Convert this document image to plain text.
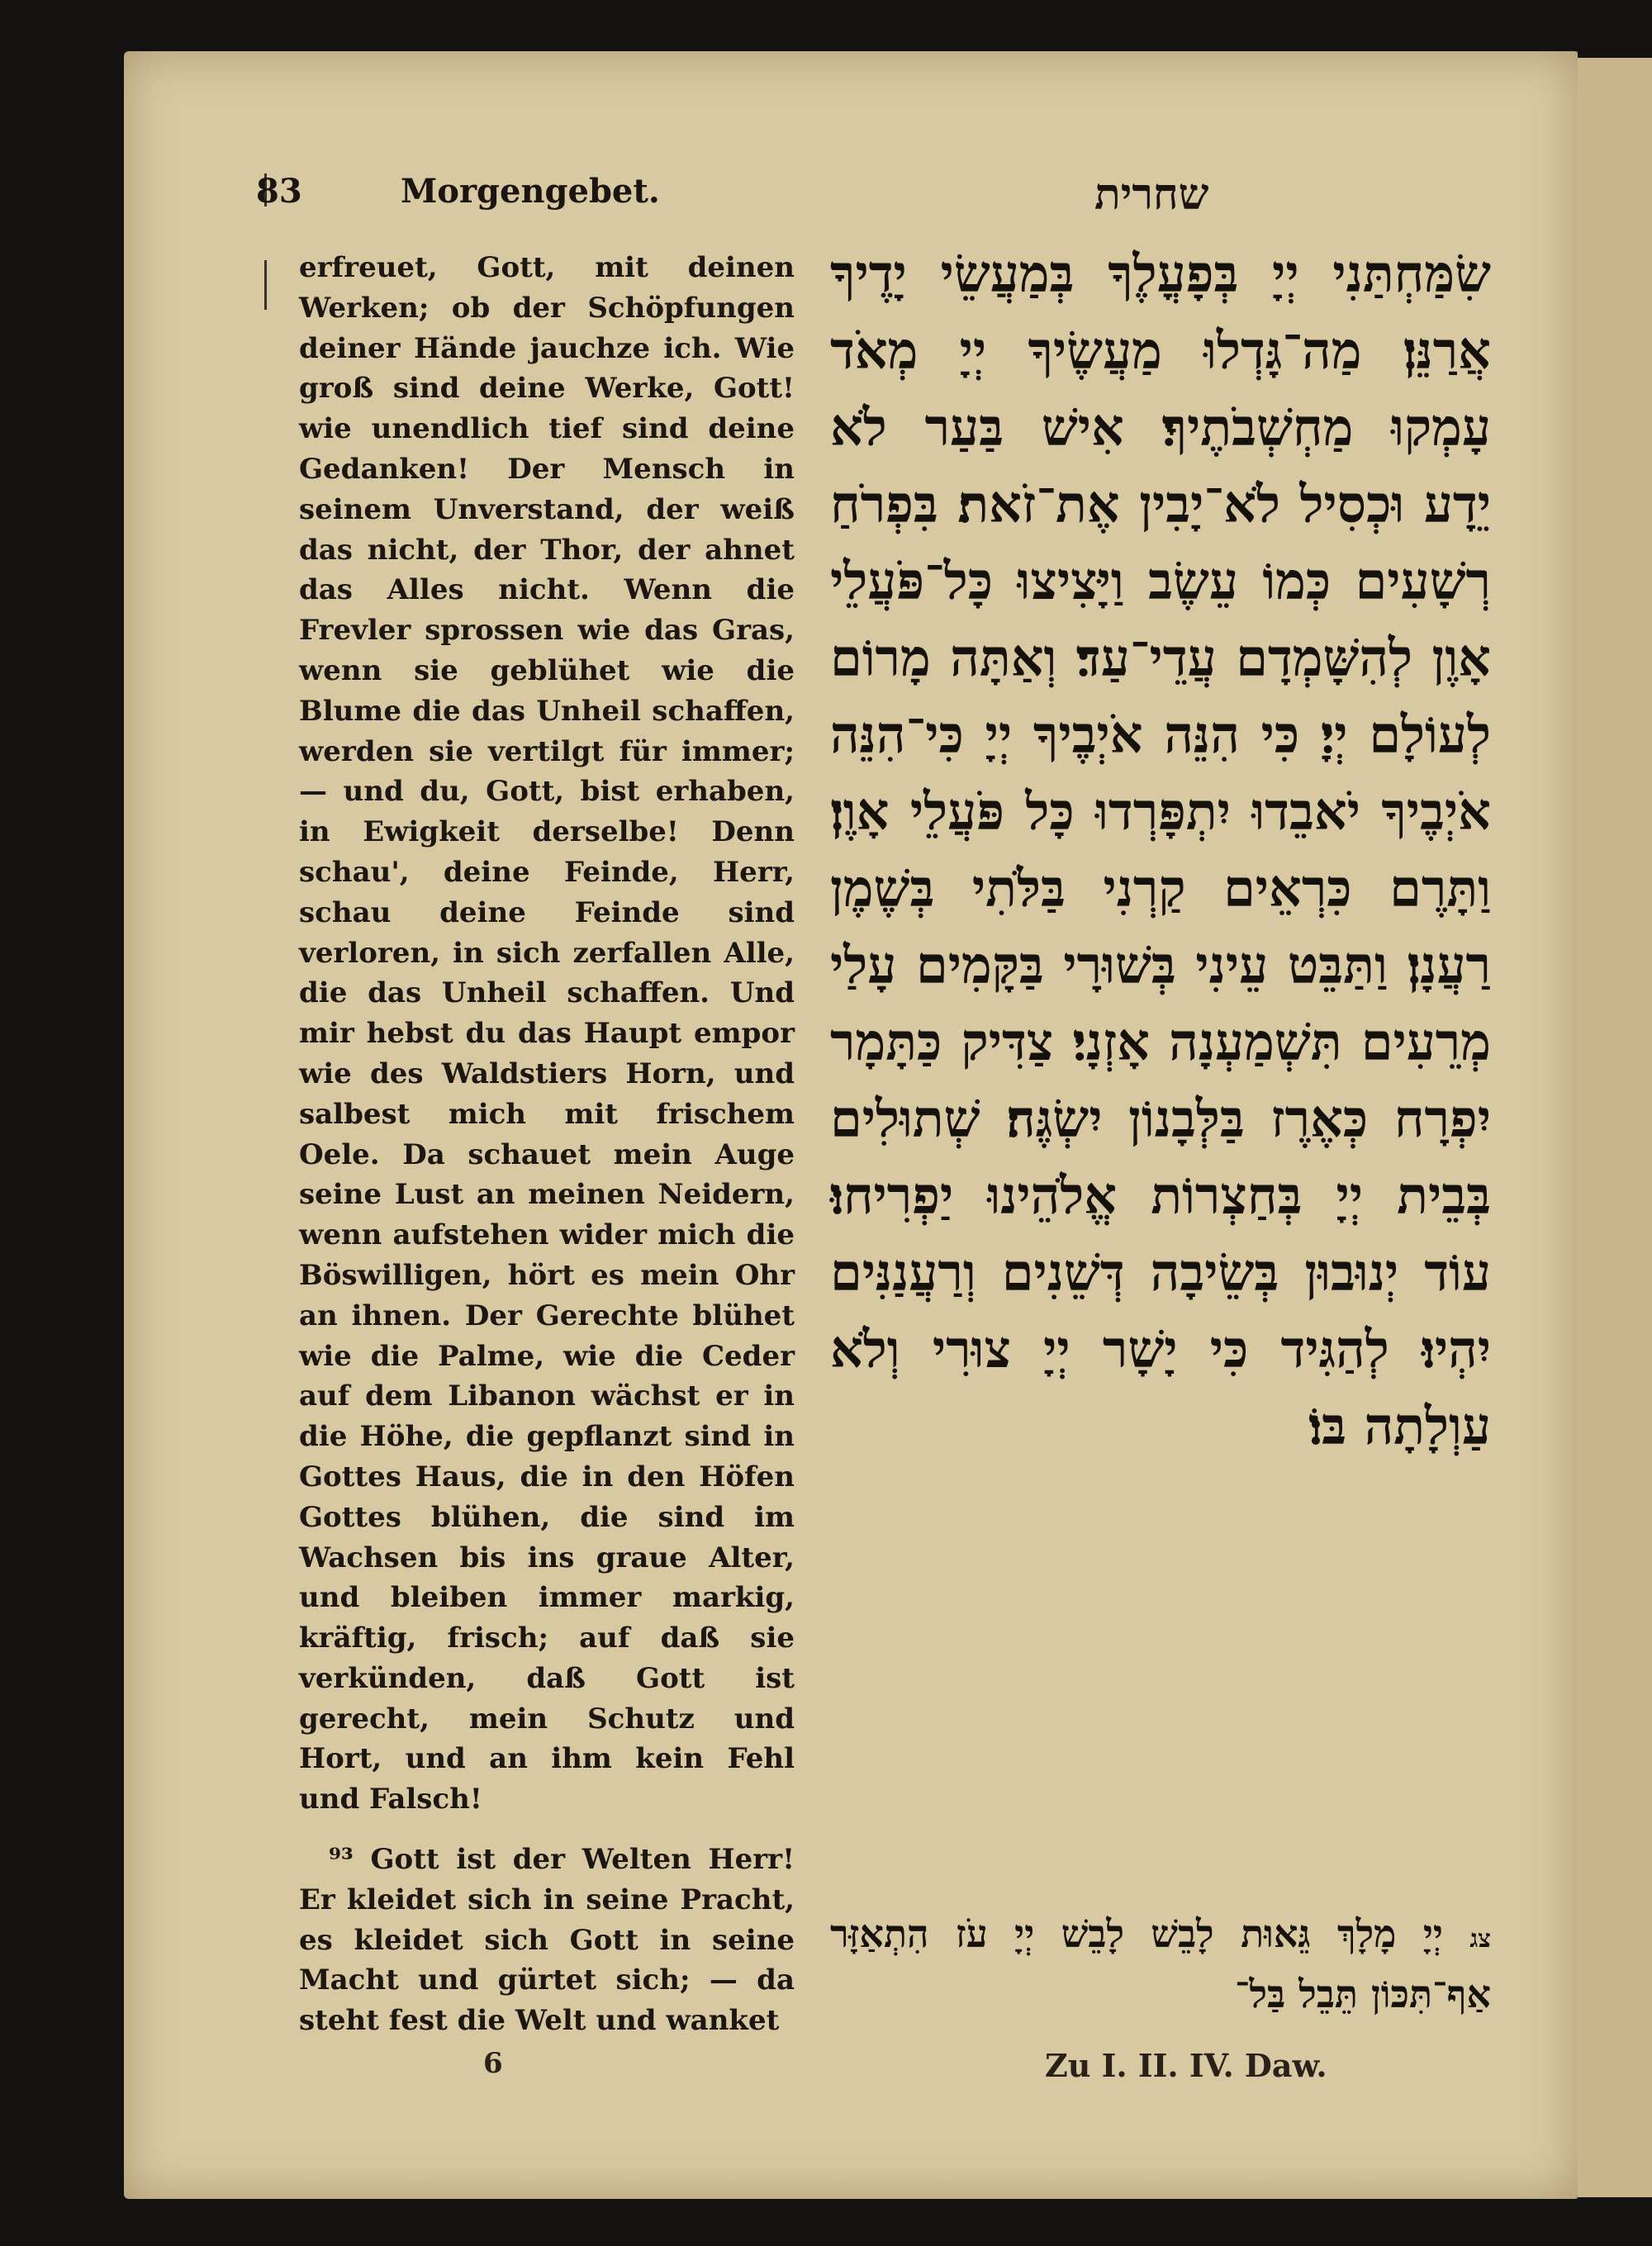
83	Morgengebet.	שחרית

erfreuet, Gott, mit deinen Werken; ob der Schöpfungen deiner Hände jauchze ich. Wie groß sind deine Werke, Gott! wie unendlich tief sind deine Gedanken! Der Mensch in seinem Unverstand, der weiß das nicht, der Thor, der ahnet das Alles nicht. Wenn die Frevler sprossen wie das Gras, wenn sie geblühet wie die Blume die das Unheil schaffen, werden sie vertilgt für immer; — und du, Gott, bist erhaben, in Ewigkeit derselbe! Denn schau', deine Feinde, Herr, schau deine Feinde sind verloren, in sich zerfallen Alle, die das Unheil schaffen. Und mir hebst du das Haupt empor wie des Waldstiers Horn, und salbest mich mit frischem Oele. Da schauet mein Auge seine Lust an meinen Neidern, wenn aufstehen wider mich die Böswilligen, hört es mein Ohr an ihnen. Der Gerechte blühet wie die Palme, wie die Ceder auf dem Libanon wächst er in die Höhe, die gepflanzt sind in Gottes Haus, die in den Höfen Gottes blühen, die sind im Wachsen bis ins graue Alter, und bleiben immer markig, kräftig, frisch; auf daß sie verkünden, daß Gott ist gerecht, mein Schutz und Hort, und an ihm kein Fehl und Falsch!

⁹³ Gott ist der Welten Herr! Er kleidet sich in seine Pracht, es kleidet sich Gott in seine Macht und gürtet sich; — da steht fest die Welt und wanket

שִׂמַּחְתַּנִי יְיָ בְּפָעֳלֶךָ בְּמַעֲשֵׂי יָדֶיךָ אֲרַנֵּן׃ מַה־גָּדְלוּ מַעֲשֶׂיךָ יְיָ מְאֹד עָמְקוּ מַחְשְׁבֹתֶיךָ׃ אִישׁ בַּעַר לֹא יֵדָע וּכְסִיל לֹא־יָבִין אֶת־זֹאת׃ בִּפְרֹחַ רְשָׁעִים כְּמוֹ עֵשֶׂב וַיָּצִיצוּ כָּל־פֹּעֲלֵי אָוֶן לְהִשָּׁמְדָם עֲדֵי־עַד׃ וְאַתָּה מָרוֹם לְעוֹלָם יְיָ׃ כִּי הִנֵּה אֹיְבֶיךָ יְיָ כִּי־הִנֵּה אֹיְבֶיךָ יֹאבֵדוּ יִתְפָּרְדוּ כָּל פֹּעֲלֵי אָוֶן׃ וַתָּרֶם כִּרְאֵים קַרְנִי בַּלֹּתִי בְּשֶׁמֶן רַעֲנָן׃ וַתַּבֵּט עֵינִי בְּשׁוּרָי בַּקָּמִים עָלַי מְרֵעִים תִּשְׁמַעְנָה אָזְנָי׃ צַדִּיק כַּתָּמָר יִפְרָח כְּאֶרֶז בַּלְּבָנוֹן יִשְׂגֶּה׃ שְׁתוּלִים בְּבֵית יְיָ בְּחַצְרוֹת אֱלֹהֵינוּ יַפְרִיחוּ׃ עוֹד יְנוּבוּן בְּשֵׂיבָה דְּשֵׁנִים וְרַעֲנַנִּים יִהְיוּ׃ לְהַגִּיד כִּי יָשָׁר יְיָ צוּרִי וְלֹא עַוְלָתָה בּוֹ׃
צג יְיָ מָלָךְ גֵּאוּת לָבֵשׁ לָבֵשׁ יְיָ עֹז הִתְאַזָּר אַף־תִּכּוֹן תֵּבֵל בַּל־
6	Zu I. II. IV. Daw.
